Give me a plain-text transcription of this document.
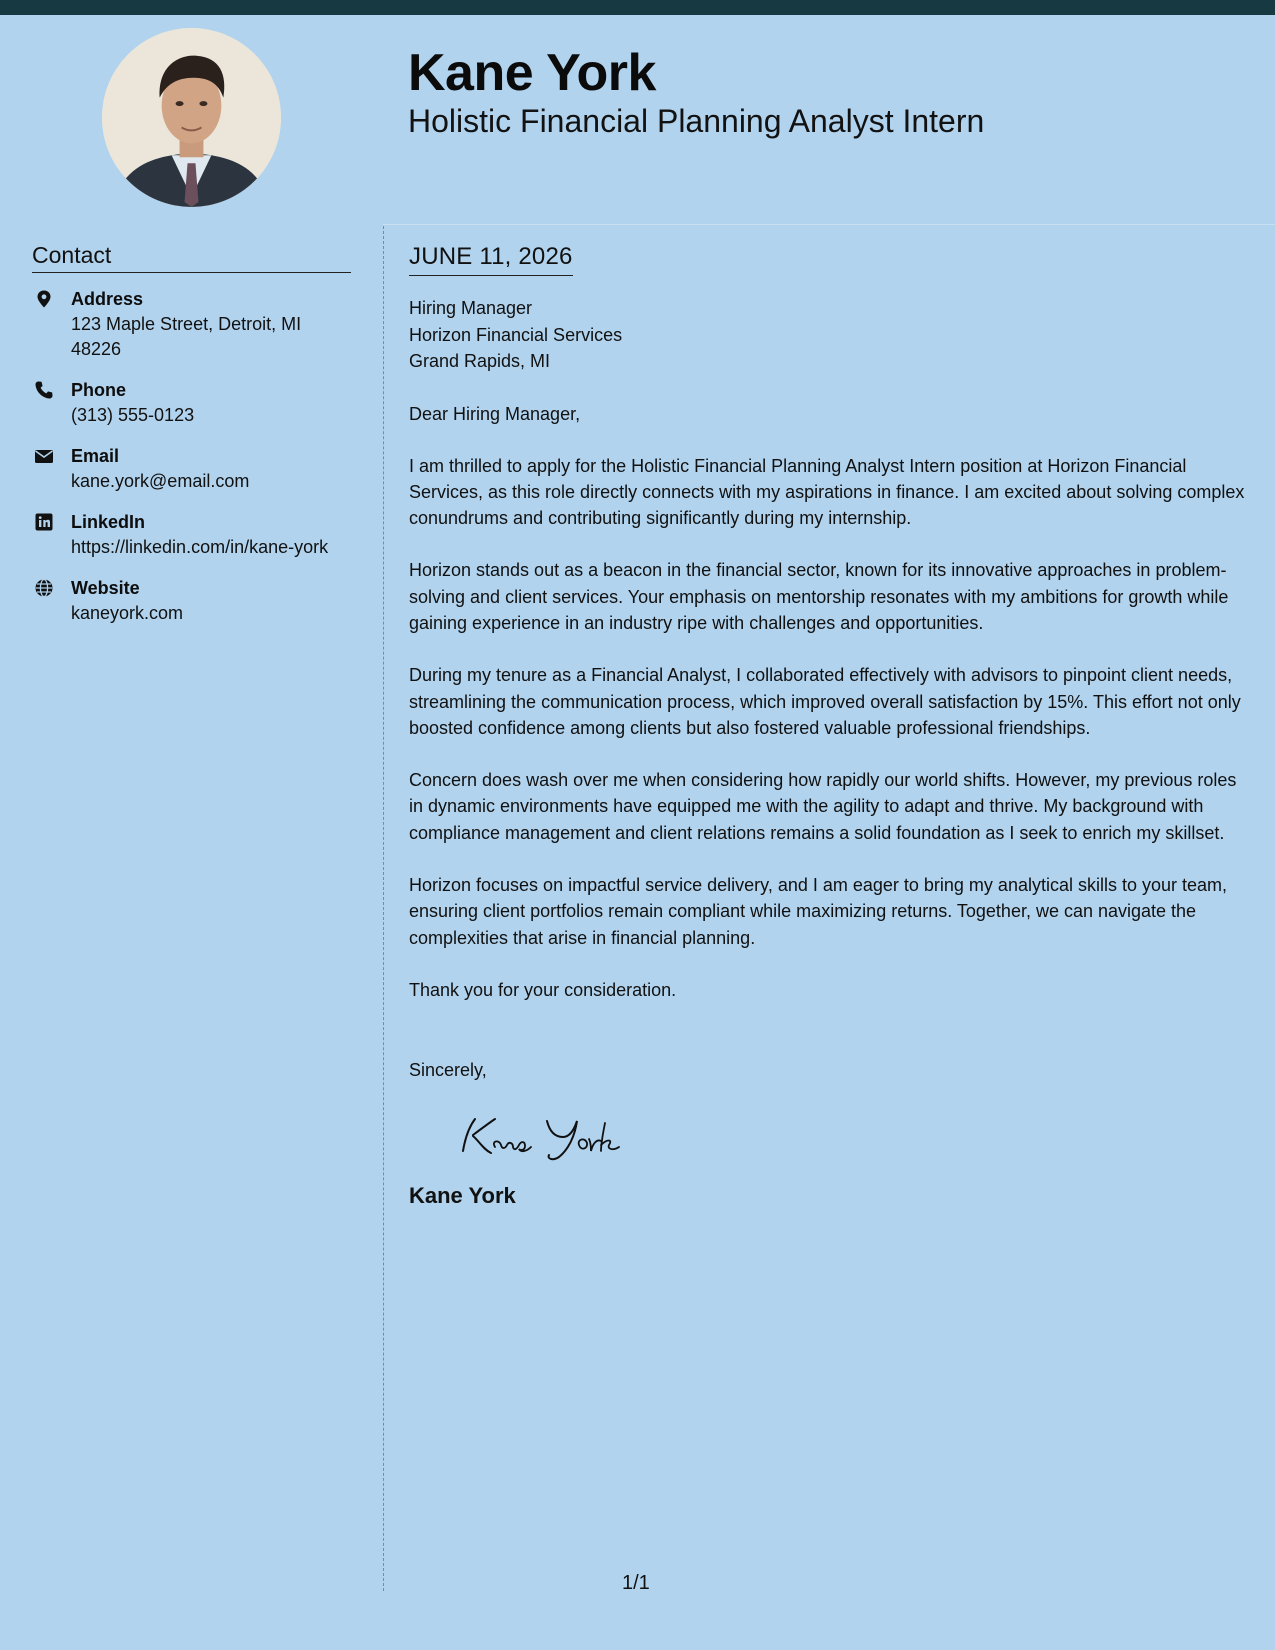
Kane York
Holistic Financial Planning Analyst Intern
Contact
Address
123 Maple Street, Detroit, MI 48226
Phone
(313) 555-0123
Email
kane.york@email.com
LinkedIn
https://linkedin.com/in/kane-york
Website
kaneyork.com
JUNE 11, 2026
Hiring Manager
Horizon Financial Services
Grand Rapids, MI
Dear Hiring Manager,

I am thrilled to apply for the Holistic Financial Planning Analyst Intern position at Horizon Financial Services, as this role directly connects with my aspirations in finance. I am excited about solving complex conundrums and contributing significantly during my internship.

Horizon stands out as a beacon in the financial sector, known for its innovative approaches in problem-solving and client services. Your emphasis on mentorship resonates with my ambitions for growth while gaining experience in an industry ripe with challenges and opportunities.

During my tenure as a Financial Analyst, I collaborated effectively with advisors to pinpoint client needs, streamlining the communication process, which improved overall satisfaction by 15%. This effort not only boosted confidence among clients but also fostered valuable professional friendships.

Concern does wash over me when considering how rapidly our world shifts. However, my previous roles in dynamic environments have equipped me with the agility to adapt and thrive. My background with compliance management and client relations remains a solid foundation as I seek to enrich my skillset.

Horizon focuses on impactful service delivery, and I am eager to bring my analytical skills to your team, ensuring client portfolios remain compliant while maximizing returns. Together, we can navigate the complexities that arise in financial planning.

Thank you for your consideration.

Sincerely,
Kane York
1/1
